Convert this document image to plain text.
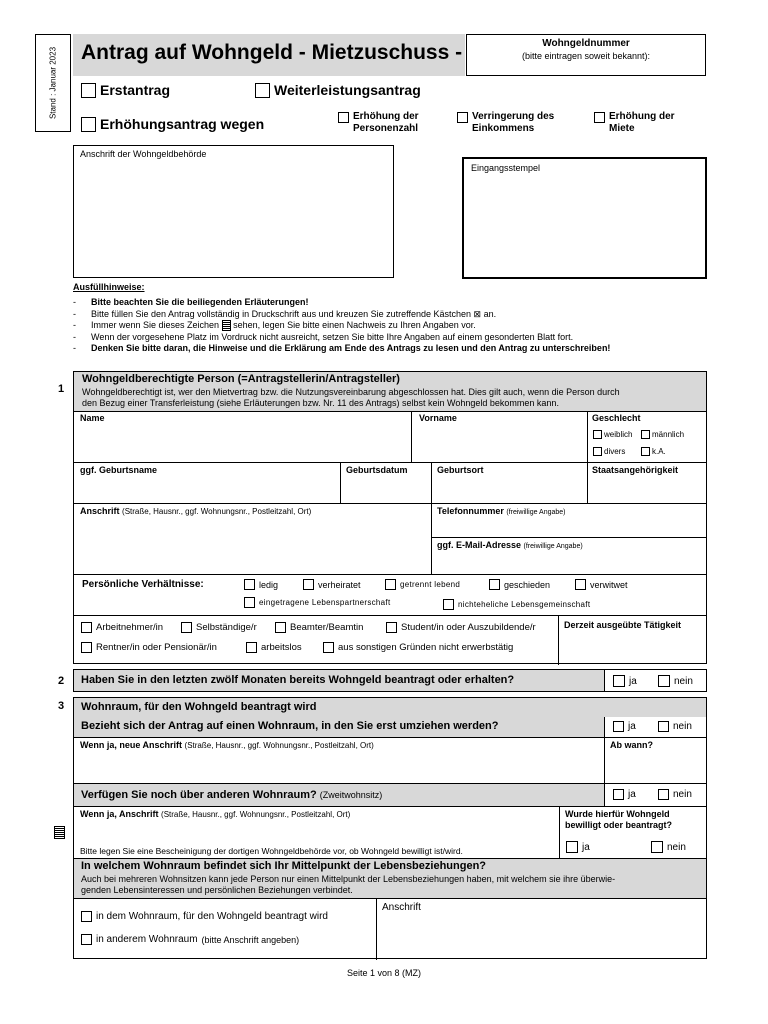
Stand : Januar 2023 Antrag auf Wohngeld - Mietzuschuss -	Wohngeldnummer
(bitte eintragen soweit bekannt):
Erstantrag	Weiterleistungsantrag
Erhöhungsantrag wegen	Erhöhung der
Personenzahl
Verringerung des
Einkommens
Erhöhung der
Miete
Anschrift der Wohngeldbehörde
Eingangsstempel
Ausfüllhinweise:
-	Bitte beachten Sie die beiliegenden Erläuterungen!
-	Bitte füllen Sie den Antrag vollständig in Druckschrift aus und kreuzen Sie zutreffende Kästchen ⊠ an.
-	Immer wenn Sie dieses Zeichen

sehen, legen Sie bitte einen Nachweis zu Ihren Angaben vor.
-	Wenn der vorgesehene Platz im Vordruck nicht ausreicht, setzen Sie bitte Ihre Angaben auf einem gesonderten Blatt fort.
-	Denken Sie bitte daran, die Hinweise und die Erklärung am Ende des Antrags zu lesen und den Antrag zu unterschreiben!
1
2
3
Wohngeldberechtigte Person (=Antragstellerin/Antragsteller)
Wohngeldberechtigt ist, wer den Mietvertrag bzw. die Nutzungsvereinbarung abgeschlossen hat. Dies gilt auch, wenn die Person durch
den Bezug einer Transferleistung (siehe Erläuterungen bzw. Nr. 11 des Antrags) selbst kein Wohngeld bekommen kann.
Name	Vorname	Geschlecht
weiblich männlich
divers	k.A.
ggf. Geburtsname	Geburtsdatum	Geburtsort	Staatsangehörigkeit
Anschrift (Straße, Hausnr., ggf. Wohnungsnr., Postleitzahl, Ort)	Telefonnummer (freiwillige Angabe)
ggf. E-Mail-Adresse (freiwillige Angabe)
Persönliche Verhältnisse:	ledig	verheiratet	getrennt lebend	geschieden	verwitwet
eingetragene Lebenspartnerschaft	nichteheliche Lebensgemeinschaft
Arbeitnehmer/in	Selbständige/r	Beamter/Beamtin	Student/in oder Auszubildende/r
Rentner/in oder Pensionär/in	arbeitslos	aus sonstigen Gründen nicht erwerbstätig
Derzeit ausgeübte Tätigkeit
Haben Sie in den letzten zwölf Monaten bereits Wohngeld beantragt oder erhalten?	ja	nein
Wohnraum, für den Wohngeld beantragt wird
Bezieht sich der Antrag auf einen Wohnraum, in den Sie erst umziehen werden?	ja	nein
Wenn ja, neue Anschrift (Straße, Hausnr., ggf. Wohnungsnr., Postleitzahl, Ort)	Ab wann?
Verfügen Sie noch über anderen Wohnraum? (Zweitwohnsitz)	ja	nein
Wenn ja, Anschrift (Straße, Hausnr., ggf. Wohnungsnr., Postleitzahl, Ort)
Bitte legen Sie eine Bescheinigung der dortigen Wohngeldbehörde vor, ob Wohngeld bewilligt ist/wird.
Wurde hierfür Wohngeld
bewilligt oder beantragt?
ja	nein
In welchem Wohnraum befindet sich Ihr Mittelpunkt der Lebensbeziehungen?
Auch bei mehreren Wohnsitzen kann jede Person nur einen Mittelpunkt der Lebensbeziehungen haben, mit welchem sie ihre überwie-
genden Lebensinteressen und persönlichen Beziehungen verbindet.
in dem Wohnraum, für den Wohngeld beantragt wird
in anderem Wohnraum (bitte Anschrift angeben)
Anschrift
Seite 1 von 8 (MZ)
